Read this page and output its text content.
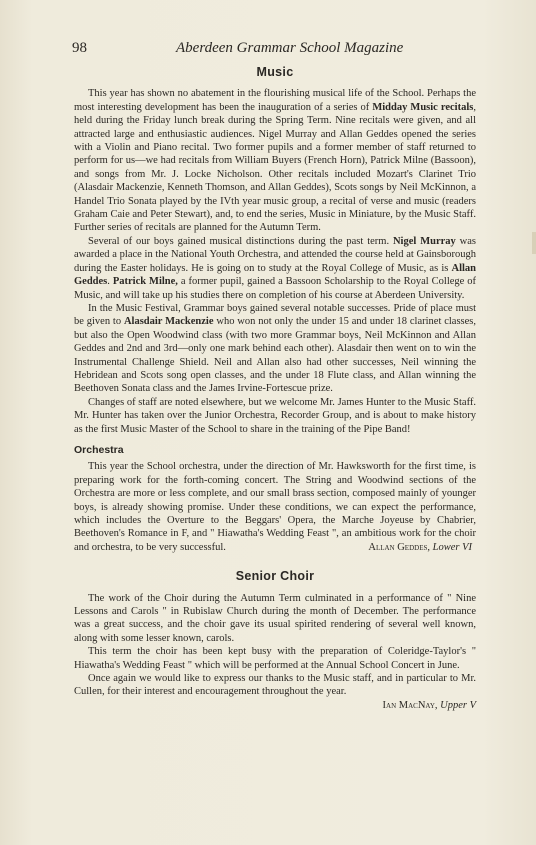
98	Aberdeen Grammar School Magazine
Music

This year has shown no abatement in the flourishing musical life of the School. Perhaps the most interesting development has been the inauguration of a series of Midday Music recitals, held during the Friday lunch break during the Spring Term. Nine recitals were given, and all attracted large and enthusiastic audiences. Nigel Murray and Allan Geddes opened the series with a Violin and Piano recital. Two former pupils and a former member of staff returned to perform for us—we had recitals from William Buyers (French Horn), Patrick Milne (Bassoon), and songs from Mr. J. Locke Nicholson. Other recitals included Mozart's Clarinet Trio (Alasdair Mackenzie, Kenneth Thomson, and Allan Geddes), Scots songs by Neil McKinnon, a Handel Trio Sonata played by the IVth year music group, a recital of verse and music (readers Graham Caie and Peter Stewart), and, to end the series, Music in Miniature, by the Music Staff. Further series of recitals are planned for the Autumn Term.

Several of our boys gained musical distinctions during the past term. Nigel Murray was awarded a place in the National Youth Orchestra, and attended the course held at Gainsborough during the Easter holidays. He is going on to study at the Royal College of Music, as is Allan Geddes. Patrick Milne, a former pupil, gained a Bassoon Scholarship to the Royal College of Music, and will take up his studies there on completion of his course at Aberdeen University.

In the Music Festival, Grammar boys gained several notable successes. Pride of place must be given to Alasdair Mackenzie who won not only the under 15 and under 18 clarinet classes, but also the Open Woodwind class (with two more Grammar boys, Neil McKinnon and Allan Geddes and 2nd and 3rd—only one mark behind each other). Alasdair then went on to win the Instrumental Challenge Shield. Neil and Allan also had other successes, Neil winning the Hebridean and Scots song open classes, and the under 18 Flute class, and Allan winning the Beethoven Sonata class and the James Irvine-Fortescue prize.

Changes of staff are noted elsewhere, but we welcome Mr. James Hunter to the Music Staff. Mr. Hunter has taken over the Junior Orchestra, Recorder Group, and is about to make history as the first Music Master of the School to share in the training of the Pipe Band!

Orchestra

This year the School orchestra, under the direction of Mr. Hawksworth for the first time, is preparing work for the forth-coming concert. The String and Woodwind sections of the Orchestra are more or less complete, and our small brass section, composed mainly of younger boys, is already showing promise. Under these conditions, we can expect the performance, which includes the Overture to the Beggars' Opera, the Marche Joyeuse by Chabrier, Beethoven's Romance in F, and " Hiawatha's Wedding Feast ", an ambitious work for the choir and orchestra, to be very successful.	Allan Geddes, Lower VI

Senior Choir

The work of the Choir during the Autumn Term culminated in a performance of " Nine Lessons and Carols " in Rubislaw Church during the month of December. The performance was a great success, and the choir gave its usual spirited rendering of several well known, along with some lesser known, carols.

This term the choir has been kept busy with the preparation of Coleridge-Taylor's " Hiawatha's Wedding Feast " which will be performed at the Annual School Concert in June.

Once again we would like to express our thanks to the Music staff, and in particular to Mr. Cullen, for their interest and encouragement throughout the year.

Ian MacNay, Upper V
